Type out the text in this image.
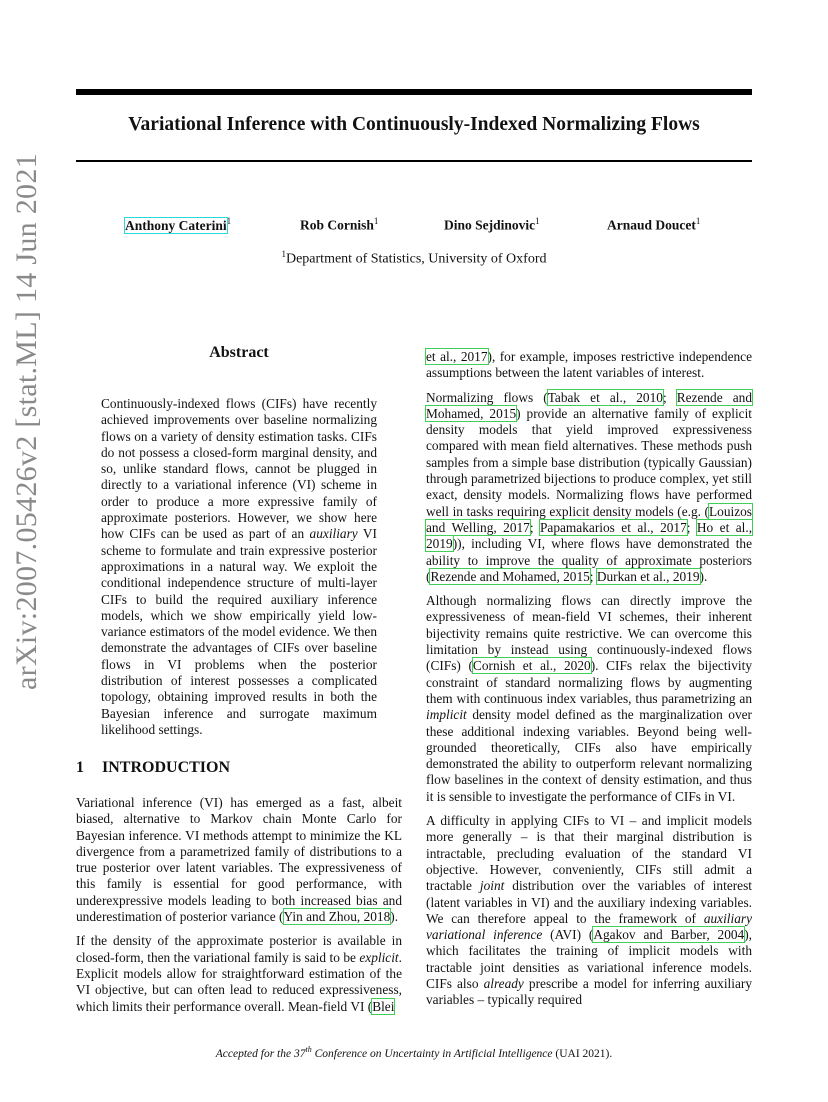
Variational Inference with Continuously-Indexed Normalizing Flows
Anthony Caterini$^1$	Rob Cornish$^1$	Dino Sejdinovic$^1$	Arnaud Doucet$^1$
$^1$Department of Statistics, University of Oxford
arXiv:2007.05426v2 [stat.ML] 14 Jun 2021	Abstract
Continuously-indexed flows (CIFs) have recently achieved improvements over baseline normalizing flows on a variety of density estimation tasks. CIFs do not possess a closed-form marginal density, and so, unlike standard flows, cannot be plugged in directly to a variational inference (VI) scheme in order to produce a more expressive family of approximate posteriors. However, we show here how CIFs can be used as part of an auxiliary VI scheme to formulate and train expressive posterior approximations in a natural way. We exploit the conditional independence structure of multi-layer CIFs to build the required auxiliary inference models, which we show empirically yield low-variance estimators of the model evidence. We then demonstrate the advantages of CIFs over baseline flows in VI problems when the posterior distribution of interest possesses a complicated topology, obtaining improved results in both the Bayesian inference and surrogate maximum likelihood settings.
1 INTRODUCTION

Variational inference (VI) has emerged as a fast, albeit biased, alternative to Markov chain Monte Carlo for Bayesian inference. VI methods attempt to minimize the KL divergence from a parametrized family of distributions to a true posterior over latent variables. The expressiveness of this family is essential for good performance, with underexpressive models leading to both increased bias and underestimation of posterior variance (Yin and Zhou, 2018).

If the density of the approximate posterior is available in closed-form, then the variational family is said to be explicit. Explicit models allow for straightforward estimation of the VI objective, but can often lead to reduced expressiveness, which limits their performance overall. Mean-field VI (Blei

et al., 2017), for example, imposes restrictive independence assumptions between the latent variables of interest.

Normalizing flows (Tabak et al., 2010; Rezende and Mohamed, 2015) provide an alternative family of explicit density models that yield improved expressiveness compared with mean field alternatives. These methods push samples from a simple base distribution (typically Gaussian) through parametrized bijections to produce complex, yet still exact, density models. Normalizing flows have performed well in tasks requiring explicit density models (e.g. (Louizos and Welling, 2017; Papamakarios et al., 2017; Ho et al., 2019)), including VI, where flows have demonstrated the ability to improve the quality of approximate posteriors (Rezende and Mohamed, 2015; Durkan et al., 2019).

Although normalizing flows can directly improve the expressiveness of mean-field VI schemes, their inherent bijectivity remains quite restrictive. We can overcome this limitation by instead using continuously-indexed flows (CIFs) (Cornish et al., 2020). CIFs relax the bijectivity constraint of standard normalizing flows by augmenting them with continuous index variables, thus parametrizing an implicit density model defined as the marginalization over these additional indexing variables. Beyond being well-grounded theoretically, CIFs also have empirically demonstrated the ability to outperform relevant normalizing flow baselines in the context of density estimation, and thus it is sensible to investigate the performance of CIFs in VI.

A difficulty in applying CIFs to VI – and implicit models more generally – is that their marginal distribution is intractable, precluding evaluation of the standard VI objective. However, conveniently, CIFs still admit a tractable joint distribution over the variables of interest (latent variables in VI) and the auxiliary indexing variables. We can therefore appeal to the framework of auxiliary variational inference (AVI) (Agakov and Barber, 2004), which facilitates the training of implicit models with tractable joint densities as variational inference models. CIFs also already prescribe a model for inferring auxiliary variables – typically required

Accepted for the 37th Conference on Uncertainty in Artificial Intelligence (UAI 2021).
